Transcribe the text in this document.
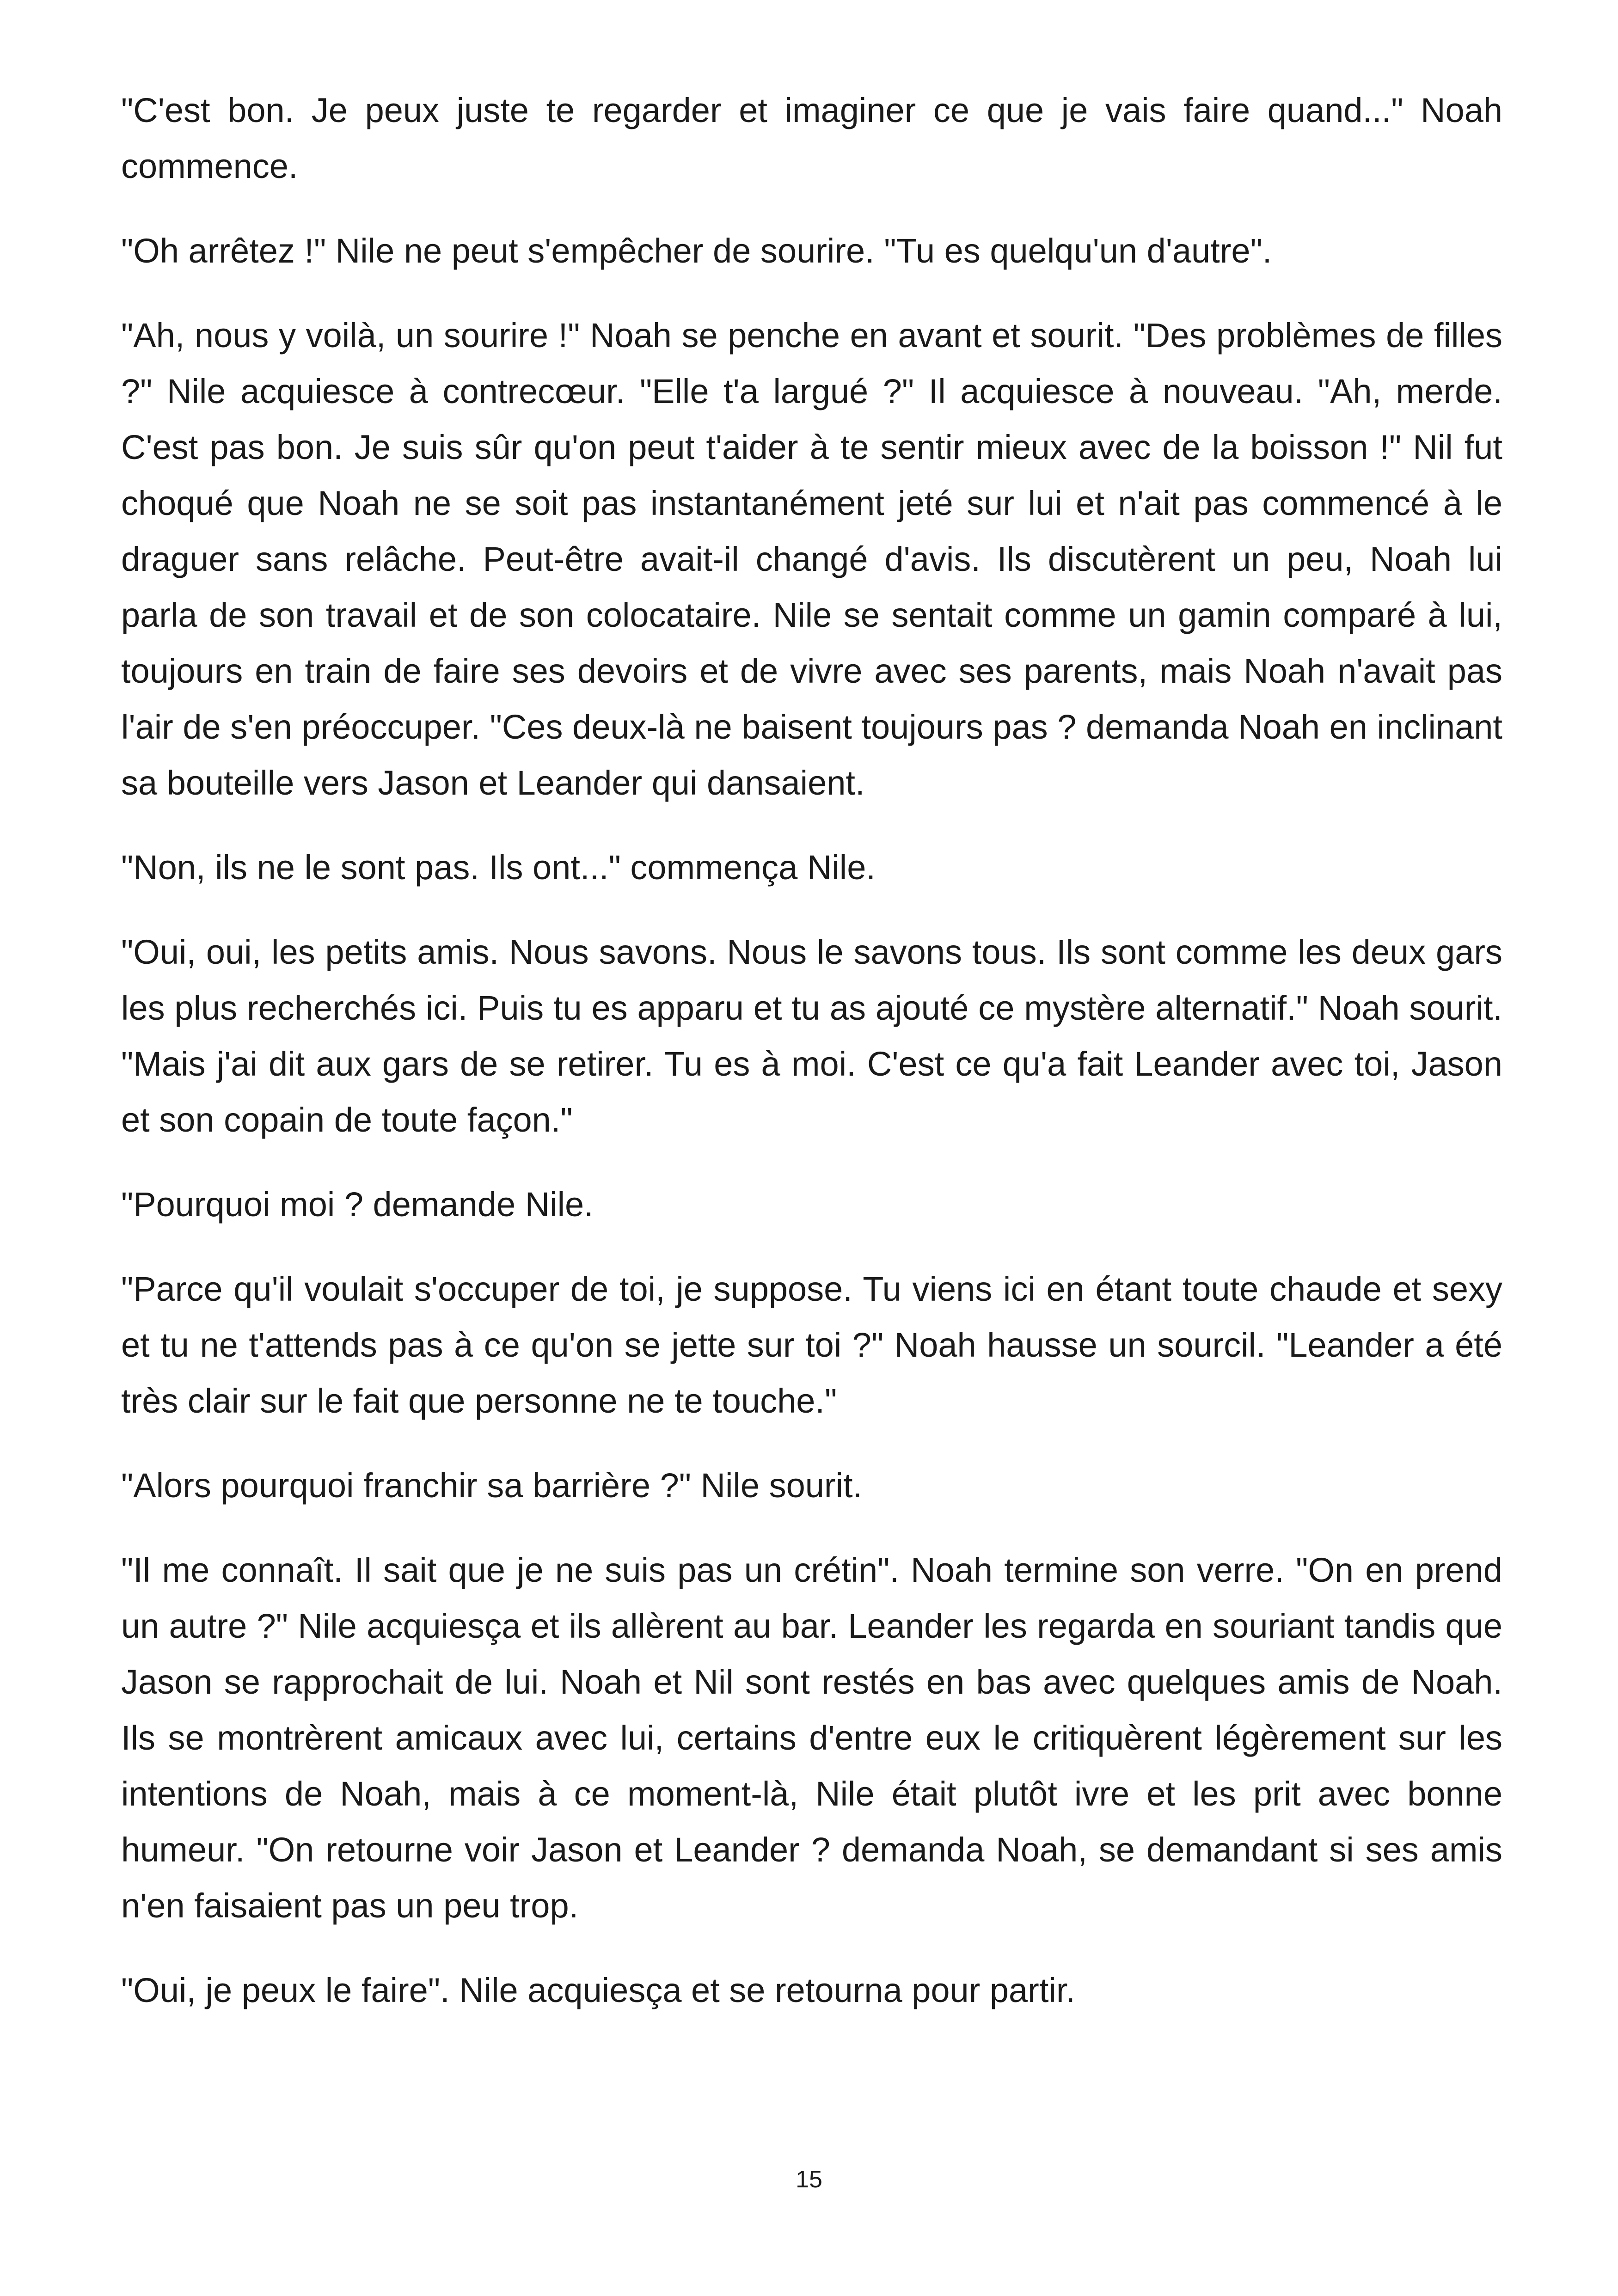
"C'est bon. Je peux juste te regarder et imaginer ce que je vais faire quand..." Noah commence.

"Oh arrêtez !" Nile ne peut s'empêcher de sourire. "Tu es quelqu'un d'autre".

"Ah, nous y voilà, un sourire !" Noah se penche en avant et sourit. "Des problèmes de filles ?" Nile acquiesce à contrecœur. "Elle t'a largué ?" Il acquiesce à nouveau. "Ah, merde. C'est pas bon. Je suis sûr qu'on peut t'aider à te sentir mieux avec de la boisson !" Nil fut choqué que Noah ne se soit pas instantanément jeté sur lui et n'ait pas commencé à le draguer sans relâche. Peut-être avait-il changé d'avis. Ils discutèrent un peu, Noah lui parla de son travail et de son colocataire. Nile se sentait comme un gamin comparé à lui, toujours en train de faire ses devoirs et de vivre avec ses parents, mais Noah n'avait pas l'air de s'en préoccuper. "Ces deux-là ne baisent toujours pas ? demanda Noah en inclinant sa bouteille vers Jason et Leander qui dansaient.

"Non, ils ne le sont pas. Ils ont..." commença Nile.

"Oui, oui, les petits amis. Nous savons. Nous le savons tous. Ils sont comme les deux gars les plus recherchés ici. Puis tu es apparu et tu as ajouté ce mystère alternatif." Noah sourit. "Mais j'ai dit aux gars de se retirer. Tu es à moi. C'est ce qu'a fait Leander avec toi, Jason et son copain de toute façon."

"Pourquoi moi ? demande Nile.

"Parce qu'il voulait s'occuper de toi, je suppose. Tu viens ici en étant toute chaude et sexy et tu ne t'attends pas à ce qu'on se jette sur toi ?" Noah hausse un sourcil. "Leander a été très clair sur le fait que personne ne te touche."

"Alors pourquoi franchir sa barrière ?" Nile sourit.

"Il me connaît. Il sait que je ne suis pas un crétin". Noah termine son verre. "On en prend un autre ?" Nile acquiesça et ils allèrent au bar. Leander les regarda en souriant tandis que Jason se rapprochait de lui. Noah et Nil sont restés en bas avec quelques amis de Noah. Ils se montrèrent amicaux avec lui, certains d'entre eux le critiquèrent légèrement sur les intentions de Noah, mais à ce moment-là, Nile était plutôt ivre et les prit avec bonne humeur. "On retourne voir Jason et Leander ? demanda Noah, se demandant si ses amis n'en faisaient pas un peu trop.

"Oui, je peux le faire". Nile acquiesça et se retourna pour partir.

15
